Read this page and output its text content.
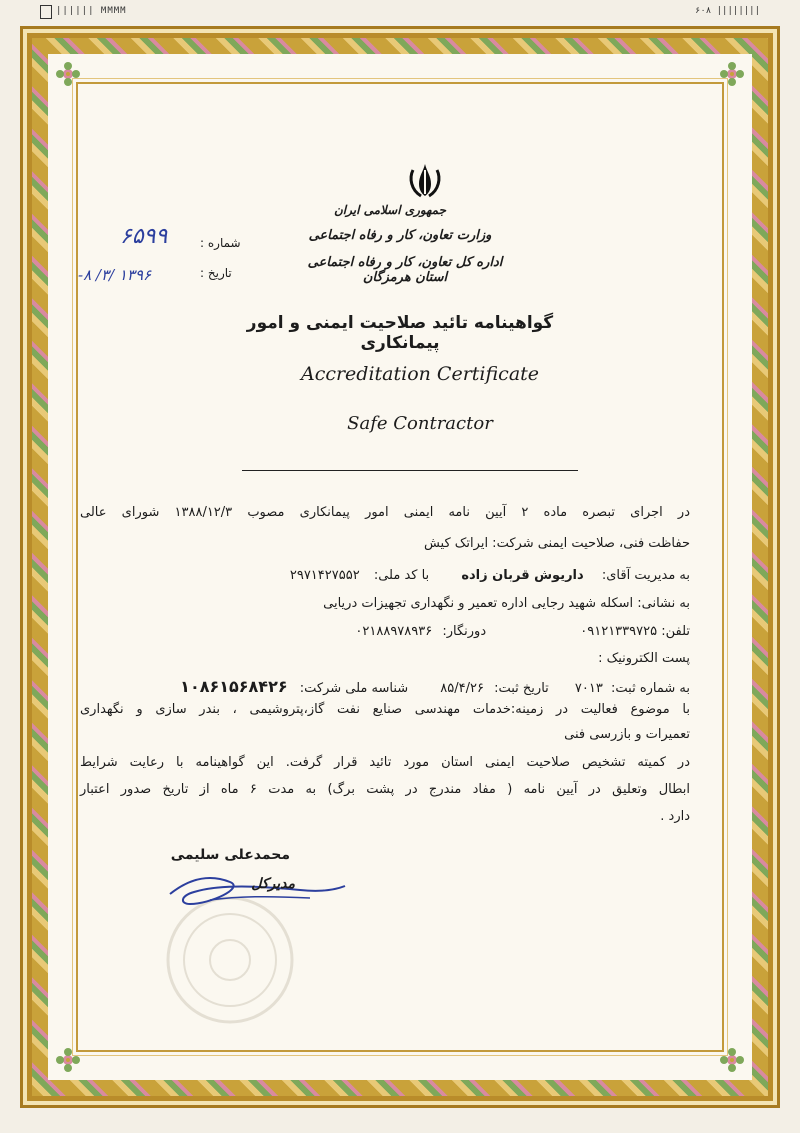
‎|||||| MMMM	۶۰۸ ||||||||
جمهوری اسلامی ایران
وزارت تعاون، کار و رفاه اجتماعی
اداره کل تعاون، کار و رفاه اجتماعی استان هرمزگان
شماره :
۶۵۹۹
تاریخ :
۱۳۹۶ /۳/ ۸-
گواهینامه تائید صلاحیت ایمنی و امور پیمانکاری
Accreditation Certificate
Safe Contractor
در اجرای تبصره ماده ۲ آیین نامه ایمنی امور پیمانکاری مصوب ۱۳۸۸/۱۲/۳ شورای عالی
حفاظت فنی، صلاحیت ایمنی شرکت: ایراتک کیش
به مدیریت آقای: داریوش قربان زاده با کد ملی: ۲۹۷۱۴۲۷۵۵۲
به نشانی: اسکله شهید رجایی اداره تعمیر و نگهداری تجهیزات دریایی
تلفن: ۰۹۱۲۱۳۳۹۷۲۵ دورنگار: ۰۲۱۸۸۹۷۸۹۳۶
پست الکترونیک :
به شماره ثبت: ۷۰۱۳ تاریخ ثبت: ۸۵/۴/۲۶ شناسه ملی شرکت: ۱۰۸۶۱۵۶۸۴۲۶
با موضوع فعالیت در زمینه:خدمات مهندسی صنایع نفت گاز،پتروشیمی ، بندر سازی و نگهداری
تعمیرات و بازرسی فنی
در کمیته تشخیص صلاحیت ایمنی استان مورد تائید قرار گرفت. این گواهینامه با رعایت شرایط
ابطال وتعلیق در آیین نامه ( مفاد مندرج در پشت برگ) به مدت ۶ ماه از تاریخ صدور اعتبار
دارد .
محمدعلی سلیمی
مدیرکل
